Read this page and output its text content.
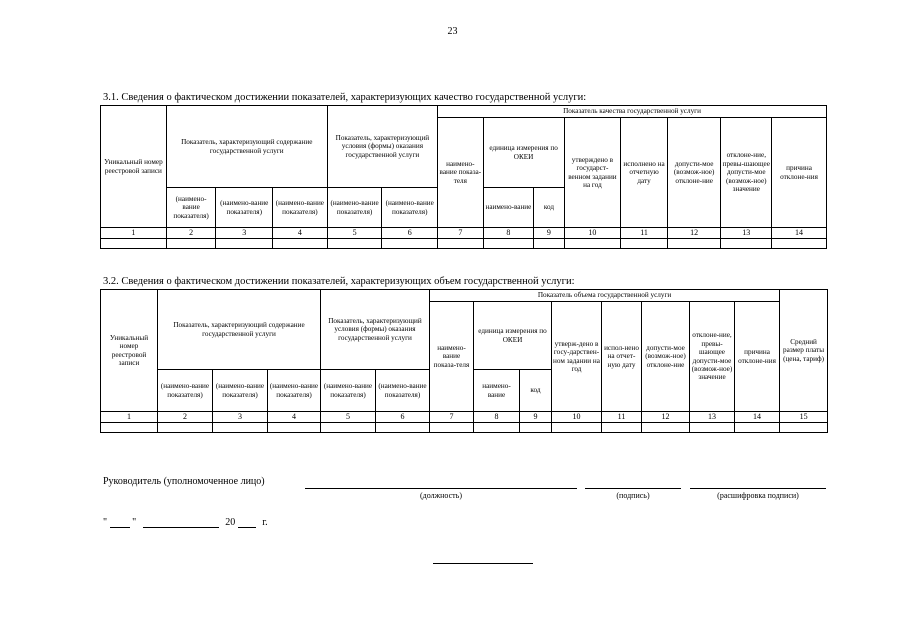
23
3.1. Сведения о фактическом достижении показателей, характеризующих качество государственной услуги:
Уникальный номер реестровой записи	Показатель, характеризующий содержание государственной услуги			Показатель, характеризующий условия (формы) оказания государственной услуги		Показатель качества государственной услуги							
						наимено-вание показа-теля	единица измерения по ОКЕИ		утверждено в государст-венном задании на год	исполнено на отчетную дату	допусти-мое (возмож-ное) отклоне-ние	отклоне-ние, превы-шающее допусти-мое (возмож-ное) значение	причина отклоне-ния
	(наимено-вание показателя)	(наимено-вание показателя)	(наимено-вание показателя)	(наимено-вание показателя)	(наимено-вание показателя)		наимено-вание	код					
1	2	3	4	5	6	7	8	9	10	11	12	13	14

3.2. Сведения о фактическом достижении показателей, характеризующих объем государственной услуги:
Уникальный номер реестровой записи	Показатель, характеризующий содержание государственной услуги			Показатель, характеризующий условия (формы) оказания государственной услуги		Показатель объема государственной услуги								Средний размер платы (цена, тариф)
						наимено-вание показа-теля	единица измерения по ОКЕИ		утверж-дено в госу-дарствен-ном задании на год	испол-нено на отчет-ную дату	допусти-мое (возмож-ное) отклоне-ние	отклоне-ние, превы-шающее допусти-мое (возмож-ное) значение	причина отклоне-ния	
	(наимено-вание показателя)	(наимено-вание показателя)	(наимено-вание показателя)	(наимено-вание показателя)	(наимено-вание показателя)		наимено-вание	код						
1	2	3	4	5	6	7	8	9	10	11	12	13	14	15

Руководитель (уполномоченное лицо)
(должность)	(подпись)	(расшифровка подписи)
"	"	20	г.
